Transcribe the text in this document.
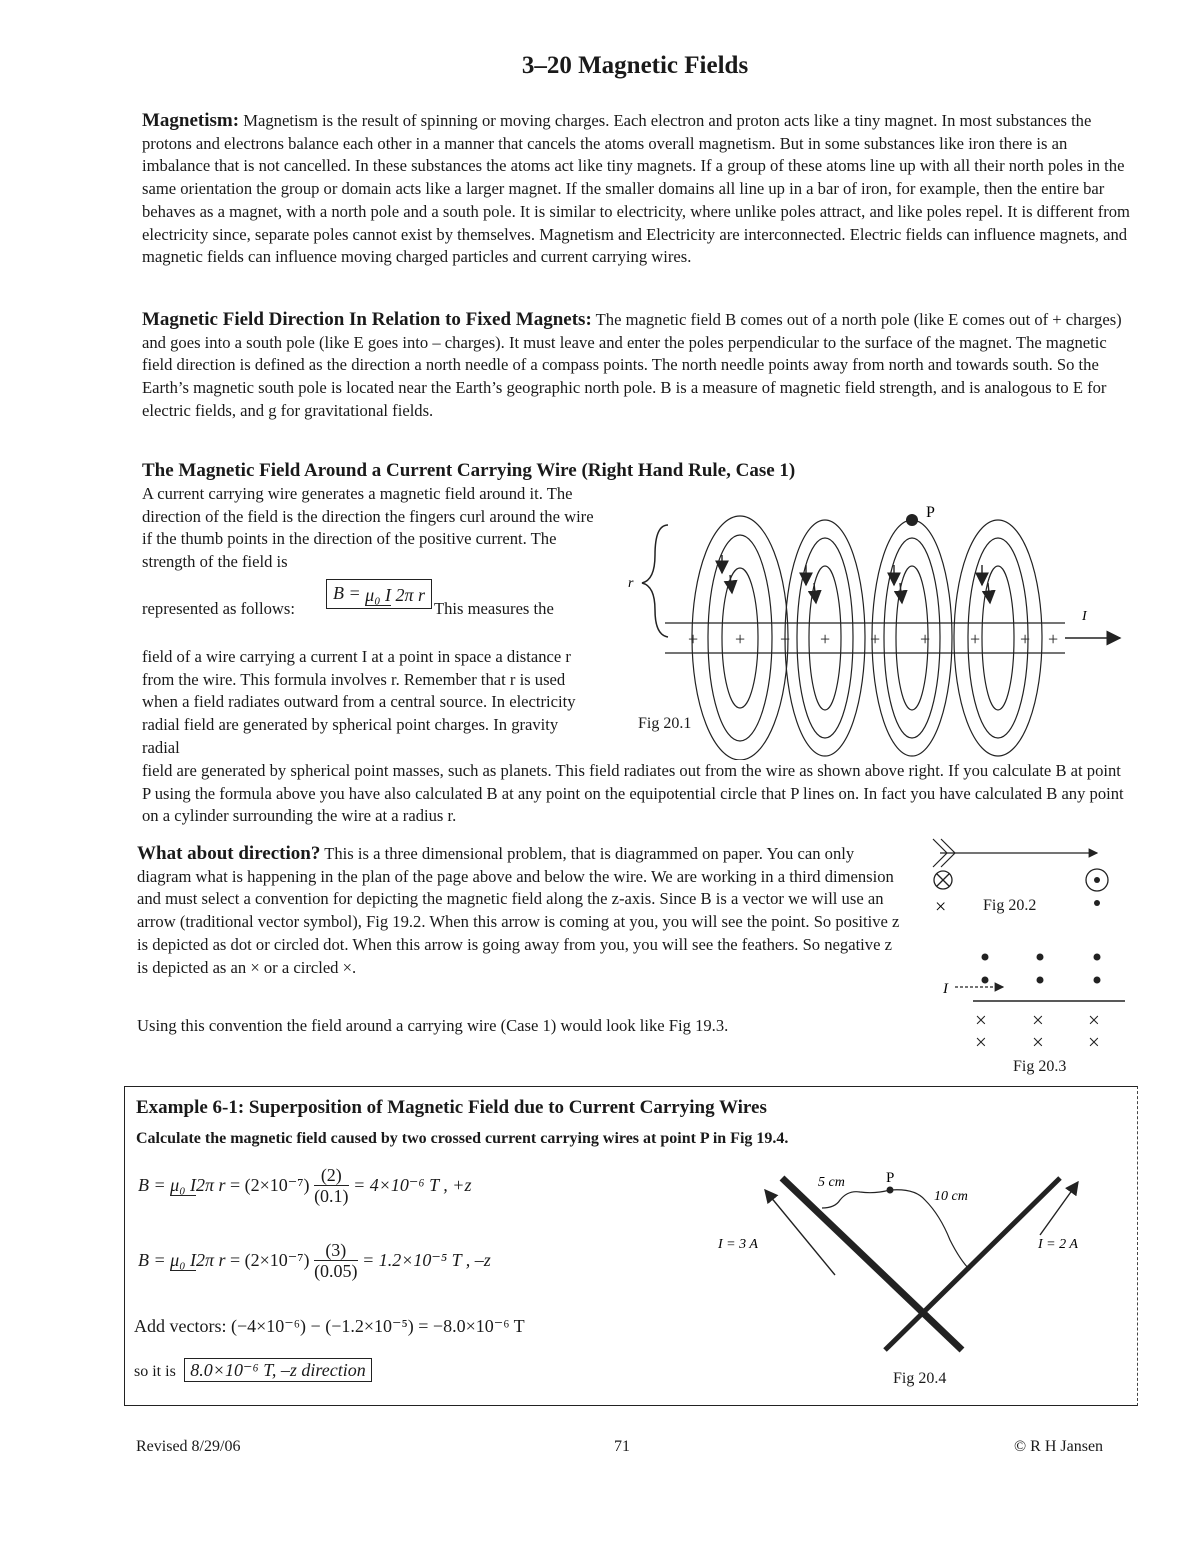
3–20 Magnetic Fields
Magnetism: Magnetism is the result of spinning or moving charges. Each electron and proton acts like a tiny magnet. In most substances the protons and electrons balance each other in a manner that cancels the atoms overall magnetism. But in some substances like iron there is an imbalance that is not cancelled. In these substances the atoms act like tiny magnets. If a group of these atoms line up with all their north poles in the same orientation the group or domain acts like a larger magnet. If the smaller domains all line up in a bar of iron, for example, then the entire bar behaves as a magnet, with a north pole and a south pole. It is similar to electricity, where unlike poles attract, and like poles repel. It is different from electricity since, separate poles cannot exist by themselves. Magnetism and Electricity are interconnected. Electric fields can influence magnets, and magnetic fields can influence moving charged particles and current carrying wires.
Magnetic Field Direction In Relation to Fixed Magnets: The magnetic field B comes out of a north pole (like E comes out of + charges) and goes into a south pole (like E goes into – charges). It must leave and enter the poles perpendicular to the surface of the magnet. The magnetic field direction is defined as the direction a north needle of a compass points. The north needle points away from north and towards south. So the Earth’s magnetic south pole is located near the Earth’s geographic north pole. B is a measure of magnetic field strength, and is analogous to E for electric fields, and g for gravitational fields.
The Magnetic Field Around a Current Carrying Wire (Right Hand Rule, Case 1)
A current carrying wire generates a magnetic field around it. The direction of the field is the direction the fingers curl around the wire if the thumb points in the direction of the positive current. The strength of the field is
represented as follows:
B = μ₀ I 2π r
This measures the
field of a wire carrying a current I at a point in space a distance r from the wire. This formula involves r. Remember that r is used when a field radiates outward from a central source. In electricity radial field are generated by spherical point charges. In gravity radial
field are generated by spherical point masses, such as planets. This field radiates out from the wire as shown above right. If you calculate B at point P using the formula above you have also calculated B at any point on the equipotential circle that P lines on. In fact you have calculated B any point on a cylinder surrounding the wire at a radius r.
r
I
P
+ + + + + + + + +
Fig 20.1
What about direction? This is a three dimensional problem, that is diagrammed on paper. You can only diagram what is happening in the plan of the page above and below the wire. We are working in a third dimension and must select a convention for depicting the magnetic field along the z-axis. Since B is a vector we will use an arrow (traditional vector symbol), Fig 19.2. When this arrow is coming at you, you will see the point. So positive z is depicted as dot or circled dot. When this arrow is going away from you, you will see the feathers. So negative z is depicted as an × or a circled ×.
Using this convention the field around a carrying wire (Case 1) would look like Fig 19.3.
×
I
× × ×
× × ×
Fig 20.2
Fig 20.3
Example 6-1: Superposition of Magnetic Field due to Current Carrying Wires
Calculate the magnetic field caused by two crossed current carrying wires at point P in Fig 19.4.
B = μ₀ I2π $r = (2\times 10^{-7}) \frac{(2)}{(0.1)} = 4\times 10^{-6}$ T , +z
B = μ₀ I2π $r = (2\times 10^{-7}) \frac{(3)}{(0.05)} = 1.2\times 10^{-5}$ T , –z
Add vectors: (−4×10⁻⁶) − (−1.2×10⁻⁵) = −8.0×10⁻⁶ T
so it is 8.0×10⁻⁶ T, –z direction
P
5 cm
10 cm
I = 3 A	I = 2 A
Fig 20.4
Revised 8/29/06	71	© R H Jansen
